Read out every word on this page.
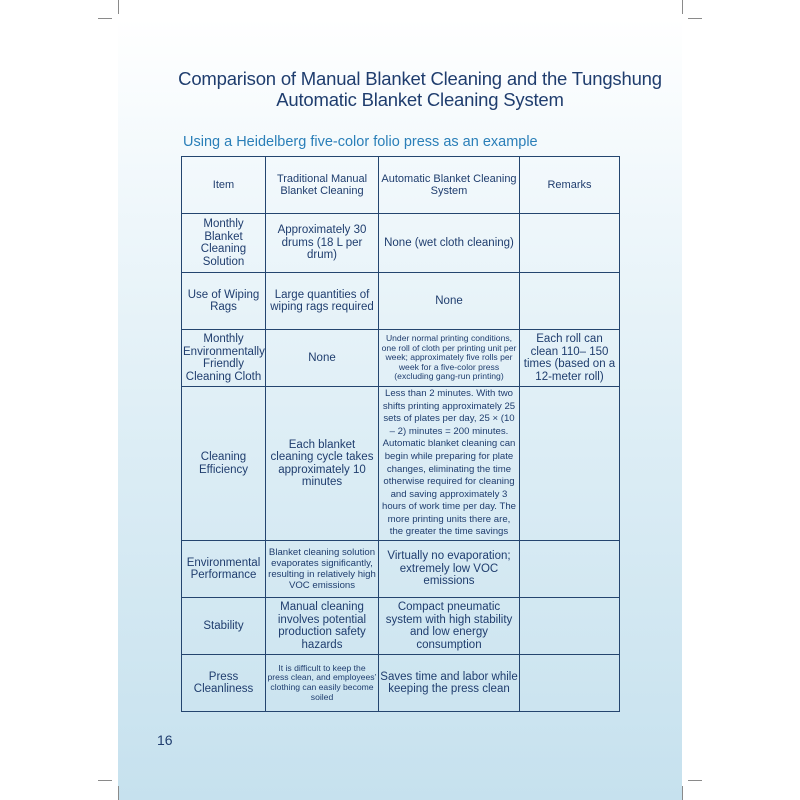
Comparison of Manual Blanket Cleaning and the Tungshung
Automatic Blanket Cleaning System
Using a Heidelberg five-color folio press as an example
Item	Traditional Manual Blanket Cleaning	Automatic Blanket Cleaning System	Remarks
Monthly Blanket Cleaning Solution	Approximately 30 drums (18 L per drum)	None (wet cloth cleaning)	
Use of Wiping Rags	Large quantities of wiping rags required	None	
Monthly Environmentally Friendly Cleaning Cloth	None	Under normal printing conditions, one roll of cloth per printing unit per week; approximately five rolls per week for a five-color press (excluding gang-run printing)	Each roll can clean 110– 150 times (based on a 12-meter roll)
Cleaning Efficiency	Each blanket cleaning cycle takes approximately 10 minutes	Less than 2 minutes. With two shifts printing approximately 25 sets of plates per day, 25 × (10 – 2) minutes = 200 minutes. Automatic blanket cleaning can begin while preparing for plate changes, eliminating the time otherwise required for cleaning and saving approximately 3 hours of work time per day. The more printing units there are, the greater the time savings	
Environmental Performance	Blanket cleaning solution evaporates significantly, resulting in relatively high VOC emissions	Virtually no evaporation; extremely low VOC emissions	
Stability	Manual cleaning involves potential production safety hazards	Compact pneumatic system with high stability and low energy consumption	
Press Cleanliness	It is difficult to keep the press clean, and employees’ clothing can easily become soiled	Saves time and labor while keeping the press clean	
16
